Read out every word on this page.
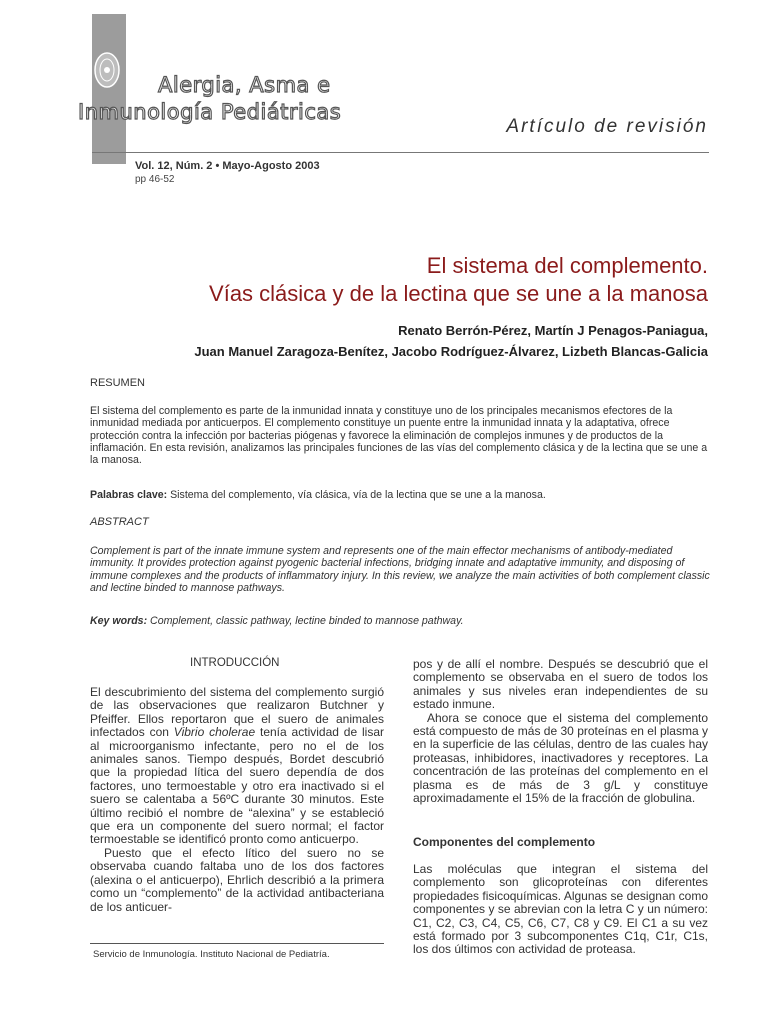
Alergia, Asma e
Inmunología Pediátricas
Artículo de revisión
Vol. 12, Núm. 2 • Mayo-Agosto 2003
pp 46-52
El sistema del complemento.
Vías clásica y de la lectina que se une a la manosa
Renato Berrón-Pérez, Martín J Penagos-Paniagua,
Juan Manuel Zaragoza-Benítez, Jacobo Rodríguez-Álvarez, Lizbeth Blancas-Galicia
RESUMEN
El sistema del complemento es parte de la inmunidad innata y constituye uno de los principales mecanismos efectores de la inmunidad mediada por anticuerpos. El complemento constituye un puente entre la inmunidad innata y la adaptativa, ofrece protección contra la infección por bacterias piógenas y favorece la eliminación de complejos inmunes y de productos de la inflamación. En esta revisión, analizamos las principales funciones de las vías del complemento clásica y de la lectina que se une a la manosa.
Palabras clave: Sistema del complemento, vía clásica, vía de la lectina que se une a la manosa.
ABSTRACT
Complement is part of the innate immune system and represents one of the main effector mechanisms of antibody-mediated immunity. It provides protection against pyogenic bacterial infections, bridging innate and adaptative immunity, and disposing of immune complexes and the products of inflammatory injury. In this review, we analyze the main activities of both complement classic and lectine binded to mannose pathways.
Key words: Complement, classic pathway, lectine binded to mannose pathway.
INTRODUCCIÓN

El descubrimiento del sistema del complemento surgió de las observaciones que realizaron Butchner y Pfeiffer. Ellos reportaron que el suero de animales infectados con Vibrio cholerae tenía actividad de lisar al microorganismo infectante, pero no el de los animales sanos. Tiempo después, Bordet descubrió que la propiedad lítica del suero dependía de dos factores, uno termoestable y otro era inactivado si el suero se calentaba a 56ºC durante 30 minutos. Este último recibió el nombre de “alexina” y se estableció que era un componente del suero normal; el factor termoestable se identificó pronto como anticuerpo.

Puesto que el efecto lítico del suero no se observaba cuando faltaba uno de los dos factores (alexina o el anticuerpo), Ehrlich describió a la primera como un “complemento” de la actividad antibacteriana de los anticuer-

pos y de allí el nombre. Después se descubrió que el complemento se observaba en el suero de todos los animales y sus niveles eran independientes de su estado inmune.

Ahora se conoce que el sistema del complemento está compuesto de más de 30 proteínas en el plasma y en la superficie de las células, dentro de las cuales hay proteasas, inhibidores, inactivadores y receptores. La concentración de las proteínas del complemento en el plasma es de más de 3 g/L y constituye aproximadamente el 15% de la fracción de globulina.

Componentes del complemento
Las moléculas que integran el sistema del complemento son glicoproteínas con diferentes propiedades fisicoquímicas. Algunas se designan como componentes y se abrevian con la letra C y un número: C1, C2, C3, C4, C5, C6, C7, C8 y C9. El C1 a su vez está formado por 3 subcomponentes C1q, C1r, C1s, los dos últimos con actividad de proteasa.
Servicio de Inmunología. Instituto Nacional de Pediatría.
